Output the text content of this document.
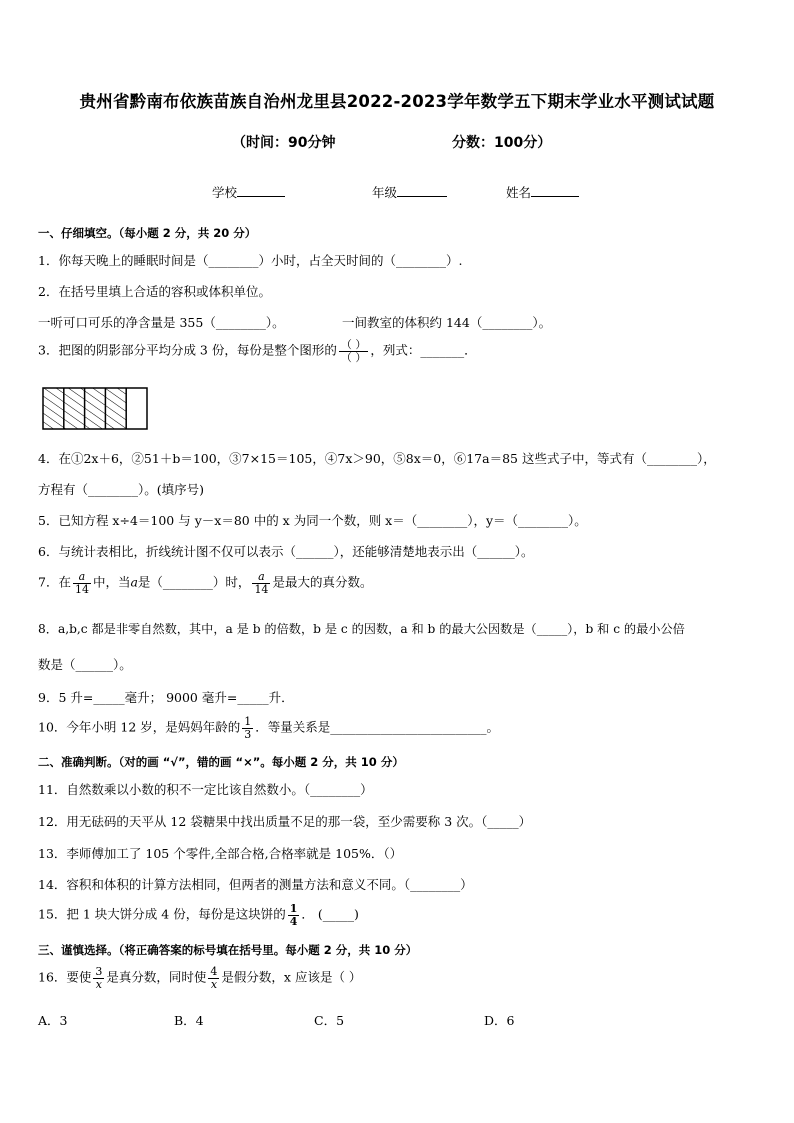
贵州省黔南布依族苗族自治州龙里县2022-2023学年数学五下期末学业水平测试试题
（时间：90分钟	分数：100分）
学校	年级	姓名
一、仔细填空。（每小题 2 分，共 20 分）
1．你每天晚上的睡眠时间是（________）小时，占全天时间的（________）.
2．在括号里填上合适的容积或体积单位。
一听可口可乐的净含量是 355（________）。	一间教室的体积约 144（________）。
3．把图的阴影部分平均分成 3 份，每份是整个图形的 $\frac{( )}{( )}$ ，列式：_______．
4．在①2x＋6，②51＋b＝100，③7×15＝105，④7x＞90，⑤8x＝0，⑥17a＝85 这些式子中，等式有（________），
方程有（________）。(填序号)
5．已知方程 x÷4＝100 与 y－x＝80 中的 x 为同一个数，则 x＝（________），y＝（________）。
6．与统计表相比，折线统计图不仅可以表示（______），还能够清楚地表示出（______）。
7．在 $\frac{a}{14}$ 中，当a是（________）时， $\frac{a}{14}$ 是最大的真分数。
8．a,b,c 都是非零自然数，其中，a 是 b 的倍数，b 是 c 的因数，a 和 b 的最大公因数是（_____），b 和 c 的最小公倍
数是（______）。
9．5 升=_____毫升； 9000 毫升=_____升．
10．今年小明 12 岁，是妈妈年龄的 $\frac{1}{3}$ ．等量关系是_________________________。
二、准确判断。（对的画 “√”，错的画 “×”。每小题 2 分，共 10 分）
11．自然数乘以小数的积不一定比该自然数小。（________）
12．用无砝码的天平从 12 袋糖果中找出质量不足的那一袋，至少需要称 3 次。（_____）
13．李师傅加工了 105 个零件,全部合格,合格率就是 105%．（）
14．容积和体积的计算方法相同，但两者的测量方法和意义不同。（________）
15．把 1 块大饼分成 4 份，每份是这块饼的 $\frac{1}{4}$ ． (_____)
三、谨慎选择。（将正确答案的标号填在括号里。每小题 2 分，共 10 分）
16．要使 $\frac{3}{x}$ 是真分数，同时使 $\frac{4}{x}$ 是假分数，x 应该是（ ）
A．3	B．4	C．5	D．6
